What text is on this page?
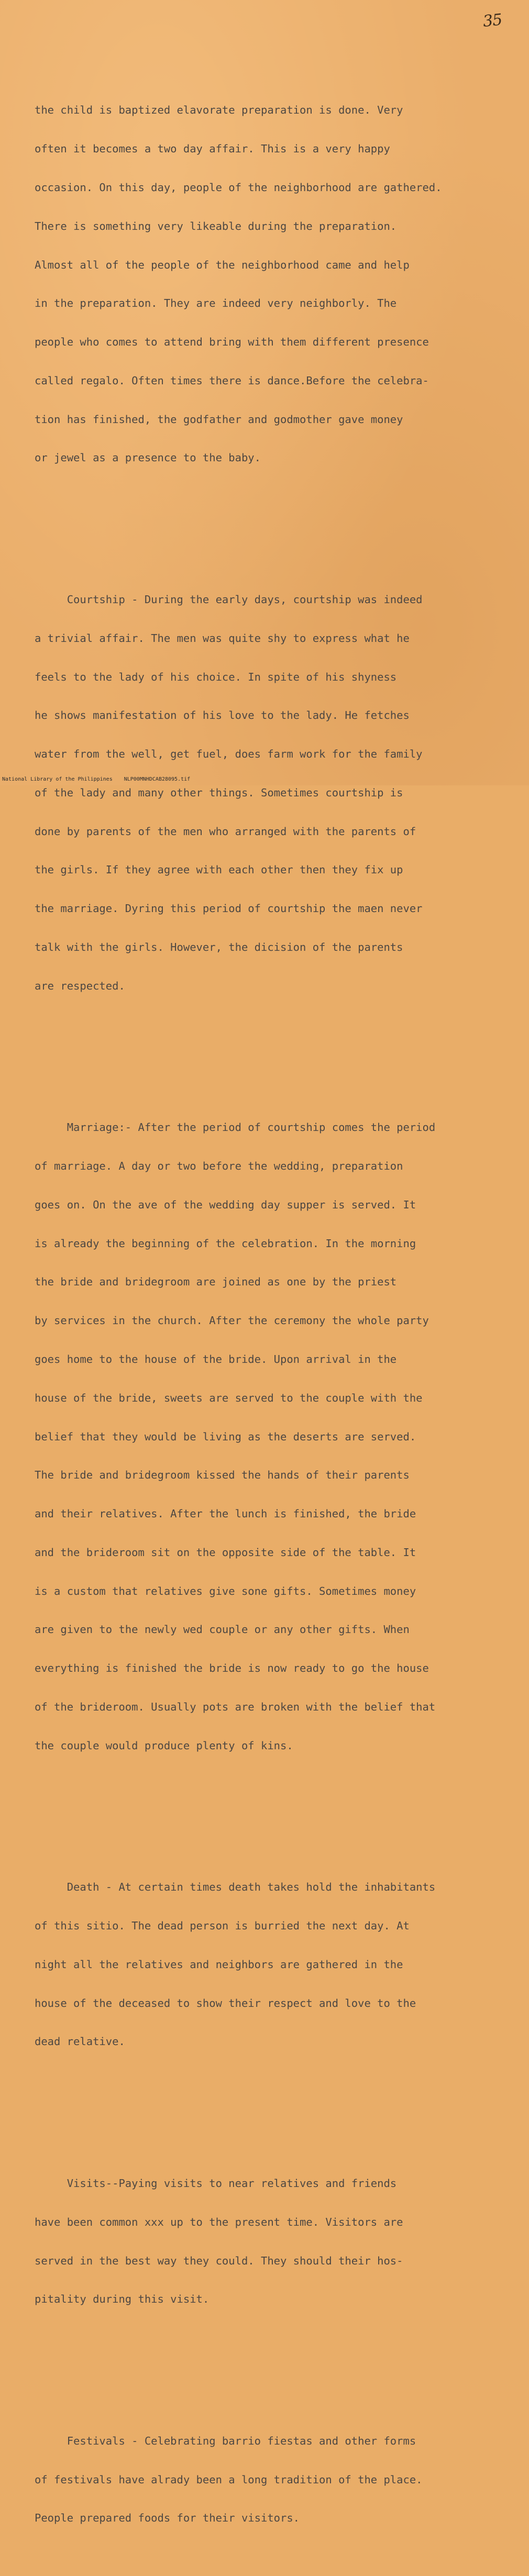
35

the child is baptized elavorate preparation is done. Very

often it becomes a two day affair. This is a very happy

occasion. On this day, people of the neighborhood are gathered.

There is something very likeable during the preparation.

Almost all of the people of the neighborhood came and help

in the preparation. They are indeed very neighborly. The

people who comes to attend bring with them different presence

called regalo. Often times there is dance.Before the celebra-

tion has finished, the godfather and godmother gave money

or jewel as a presence to the baby.

Courtship - During the early days, courtship was indeed

a trivial affair. The men was quite shy to express what he

feels to the lady of his choice. In spite of his shyness

he shows manifestation of his love to the lady. He fetches

water from the well, get fuel, does farm work for the family

of the lady and many other things. Sometimes courtship is

done by parents of the men who arranged with the parents of

the girls. If they agree with each other then they fix up

the marriage. Dyring this period of courtship the maen never

talk with the girls. However, the dicision of the parents

are respected.

Marriage:- After the period of courtship comes the period

of marriage. A day or two before the wedding, preparation

goes on. On the ave of the wedding day supper is served. It

is already the beginning of the celebration. In the morning

the bride and bridegroom are joined as one by the priest

by services in the church. After the ceremony the whole party

goes home to the house of the bride. Upon arrival in the

house of the bride, sweets are served to the couple with the

belief that they would be living as the deserts are served.

The bride and bridegroom kissed the hands of their parents

and their relatives. After the lunch is finished, the bride

and the brideroom sit on the opposite side of the table. It

is a custom that relatives give sone gifts. Sometimes money

are given to the newly wed couple or any other gifts. When

everything is finished the bride is now ready to go the house

of the brideroom. Usually pots are broken with the belief that

the couple would produce plenty of kins.

Death - At certain times death takes hold the inhabitants

of this sitio. The dead person is burried the next day. At

night all the relatives and neighbors are gathered in the

house of the deceased to show their respect and love to the

dead relative.

Visits--Paying visits to near relatives and friends

have been common xxx up to the present time. Visitors are

served in the best way they could. They should their hos-

pitality during this visit.

Festivals - Celebrating barrio fiestas and other forms

of festivals have alrady been a long tradition of the place.

People prepared foods for their visitors.

National Library of the Philippines NLP00MNHDCAB28095.tif
